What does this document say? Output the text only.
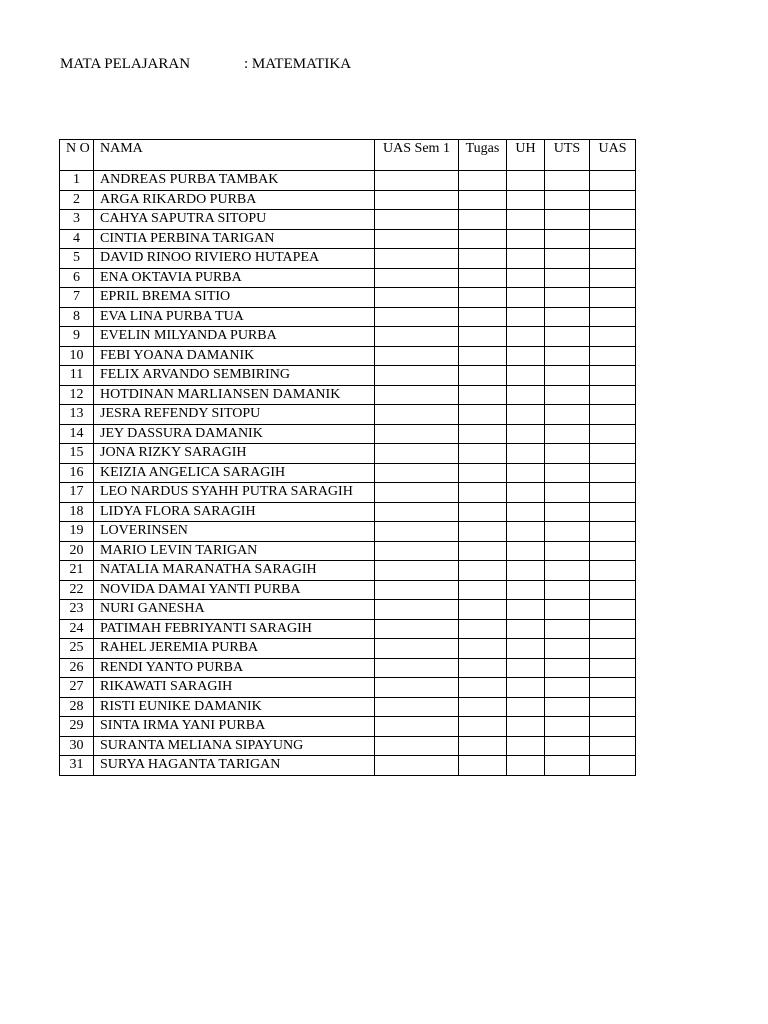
MATA PELAJARAN	: MATEMATIKA
N O	NAMA	UAS Sem 1	Tugas	UH	UTS	UAS
1	ANDREAS PURBA TAMBAK					
2	ARGA RIKARDO PURBA					
3	CAHYA SAPUTRA SITOPU					
4	CINTIA PERBINA TARIGAN					
5	DAVID RINOO RIVIERO HUTAPEA					
6	ENA OKTAVIA PURBA					
7	EPRIL BREMA SITIO					
8	EVA LINA PURBA TUA					
9	EVELIN MILYANDA PURBA					
10	FEBI YOANA DAMANIK					
11	FELIX ARVANDO SEMBIRING					
12	HOTDINAN MARLIANSEN DAMANIK					
13	JESRA REFENDY SITOPU					
14	JEY DASSURA DAMANIK					
15	JONA RIZKY SARAGIH					
16	KEIZIA ANGELICA SARAGIH					
17	LEO NARDUS SYAHH PUTRA SARAGIH					
18	LIDYA FLORA SARAGIH					
19	LOVERINSEN					
20	MARIO LEVIN TARIGAN					
21	NATALIA MARANATHA SARAGIH					
22	NOVIDA DAMAI YANTI PURBA					
23	NURI GANESHA					
24	PATIMAH FEBRIYANTI SARAGIH					
25	RAHEL JEREMIA PURBA					
26	RENDI YANTO PURBA					
27	RIKAWATI SARAGIH					
28	RISTI EUNIKE DAMANIK					
29	SINTA IRMA YANI PURBA					
30	SURANTA MELIANA SIPAYUNG					
31	SURYA HAGANTA TARIGAN					
